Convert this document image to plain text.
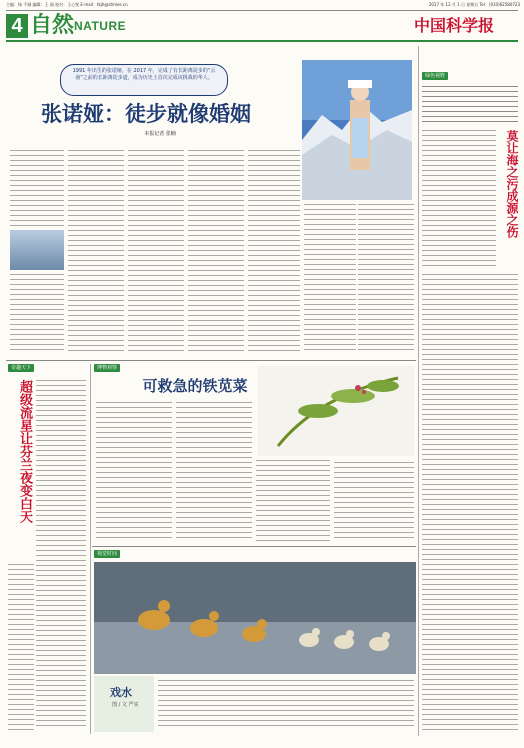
主编：杨 千城 编辑：王 丽 校对：王心悦 E-mail：tkjh@stimes.cn	2017 年 12 月 1 日 星期五 Tel：(010)62580723
4 自然 NATURE	中国科学报
1991 年出生的张诺娅，在 2017 年，完成了有长距离徒步的“云南”之前的长距离徒步道，成为历史上首次完成该挑战的华人。
张诺娅：徒步就像婚姻
本报记者 张楠
绿色视野
莫让海之污成源之伤
奇趣天下
超级流星让芬兰夜变白天
博物观察
可救急的铁苋菜
视觉时间
戏水
图 / 文 严实
